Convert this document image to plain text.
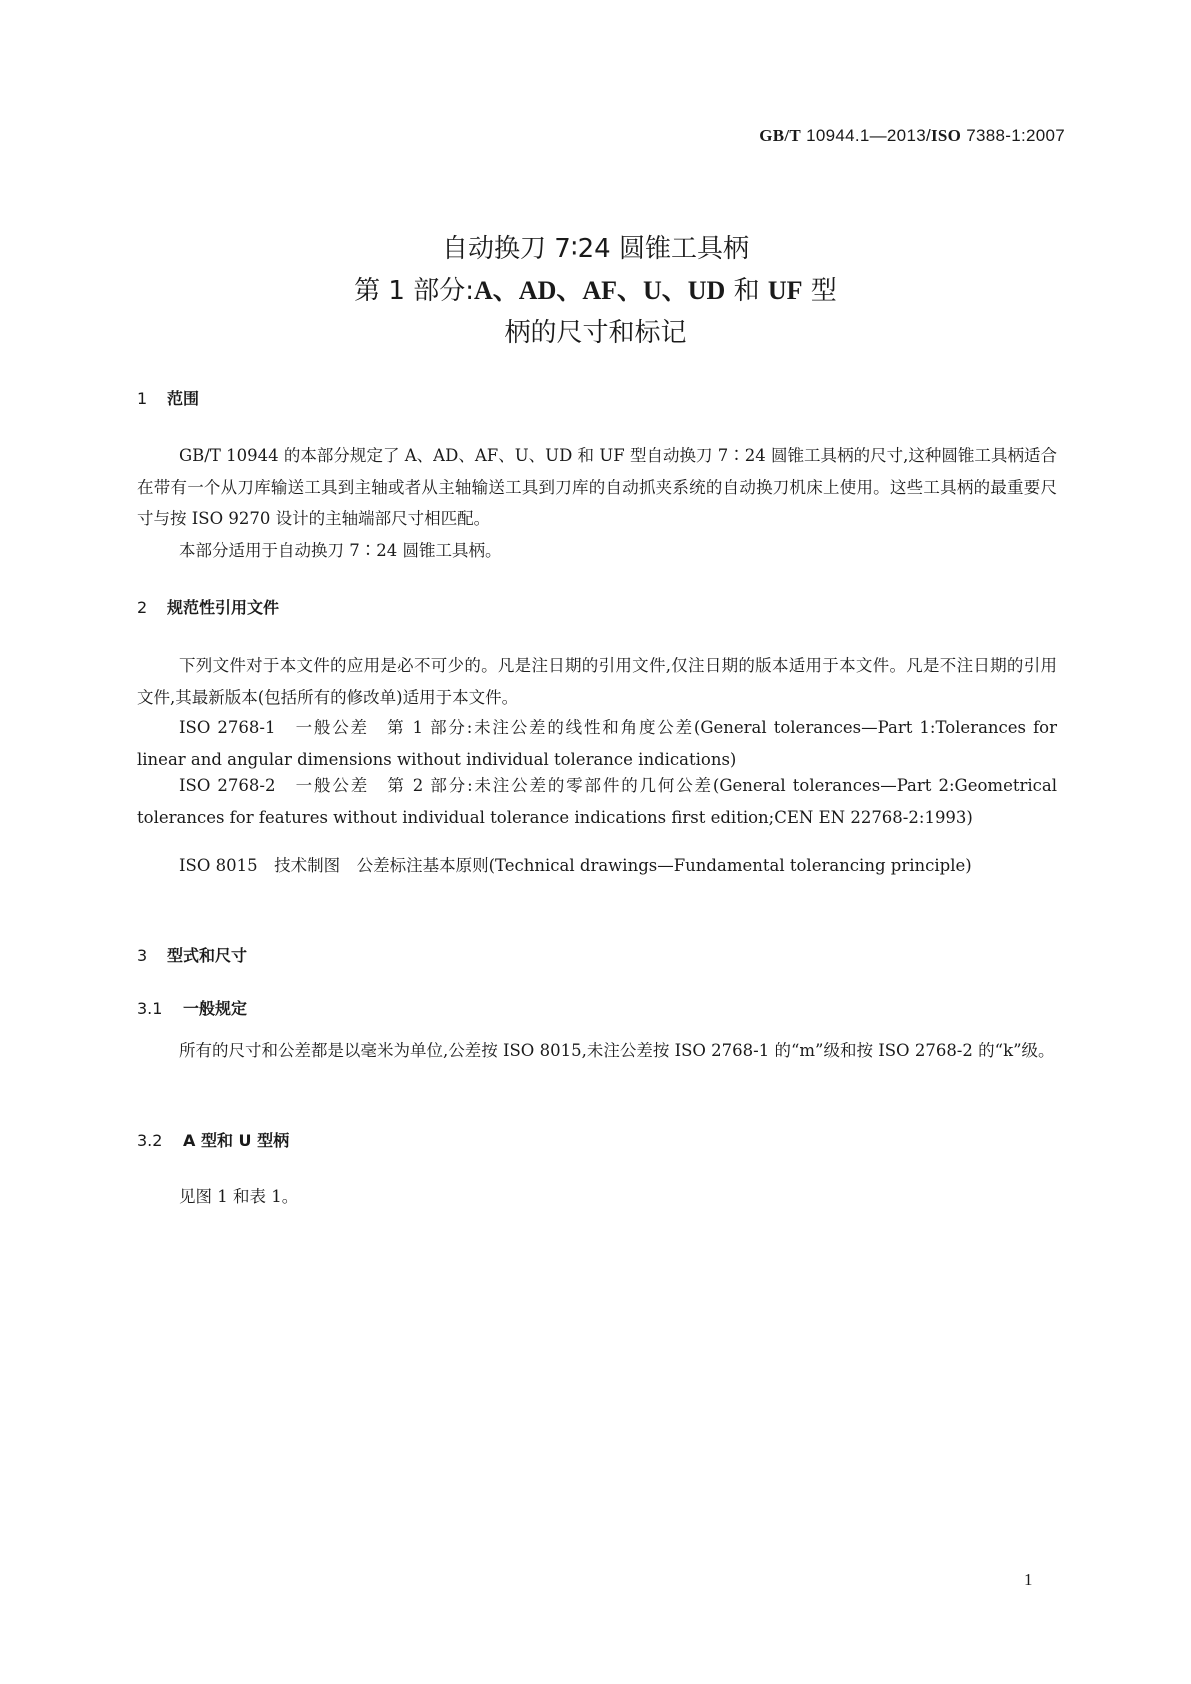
GB/T 10944.1—2013/ISO 7388-1:2007
自动换刀 7∶24 圆锥工具柄
第 1 部分:A、AD、AF、U、UD 和 UF 型
柄的尺寸和标记
1 范围

GB/T 10944 的本部分规定了 A、AD、AF、U、UD 和 UF 型自动换刀 7∶24 圆锥工具柄的尺寸,这种圆锥工具柄适合在带有一个从刀库输送工具到主轴或者从主轴输送工具到刀库的自动抓夹系统的自动换刀机床上使用。这些工具柄的最重要尺寸与按 ISO 9270 设计的主轴端部尺寸相匹配。

本部分适用于自动换刀 7∶24 圆锥工具柄。

2 规范性引用文件

下列文件对于本文件的应用是必不可少的。凡是注日期的引用文件,仅注日期的版本适用于本文件。凡是不注日期的引用文件,其最新版本(包括所有的修改单)适用于本文件。

ISO 2768-1　一般公差　第 1 部分:未注公差的线性和角度公差(General tolerances—Part 1:Tolerances for linear and angular dimensions without individual tolerance indications)

ISO 2768-2　一般公差　第 2 部分:未注公差的零部件的几何公差(General tolerances—Part 2:Geometrical tolerances for features without individual tolerance indications first edition;CEN EN 22768-2:1993)

ISO 8015　技术制图　公差标注基本原则(Technical drawings—Fundamental tolerancing principle)

3 型式和尺寸
3.1 一般规定

所有的尺寸和公差都是以毫米为单位,公差按 ISO 8015,未注公差按 ISO 2768-1 的“m”级和按 ISO 2768-2 的“k”级。

3.2 A 型和 U 型柄

见图 1 和表 1。

1
